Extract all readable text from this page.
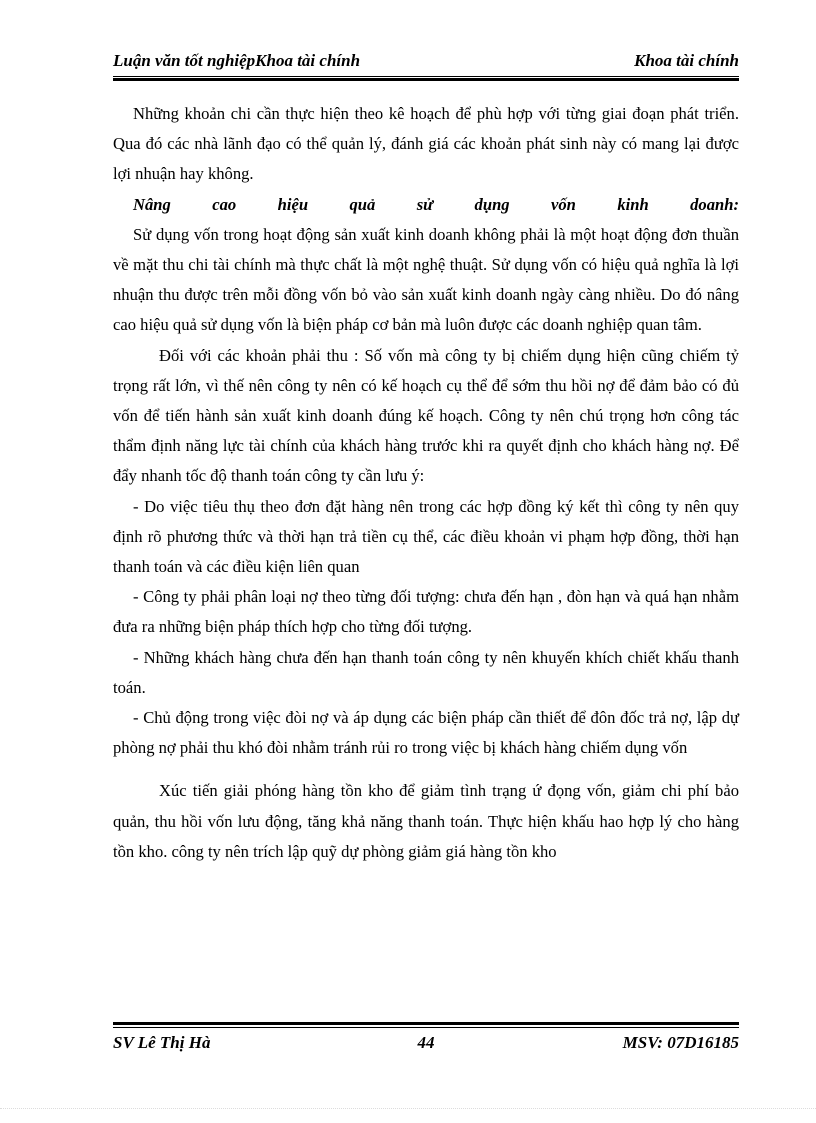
Luận văn tốt nghiệpKhoa tài chính	Khoa tài chính

Những khoản chi cần thực hiện theo kê hoạch để phù hợp với từng giai đoạn phát triển. Qua đó các nhà lãnh đạo có thể quản lý, đánh giá các khoản phát sinh này có mang lại được lợi nhuận hay không.

Nâng cao hiệu quả sử dụng vốn kinh doanh:

Sử dụng vốn trong hoạt động sản xuất kinh doanh không phải là một hoạt động đơn thuần về mặt thu chi tài chính mà thực chất là một nghệ thuật. Sử dụng vốn có hiệu quả nghĩa là lợi nhuận thu được trên mỗi đồng vốn bỏ vào sản xuất kinh doanh ngày càng nhiều. Do đó nâng cao hiệu quả sử dụng vốn là biện pháp cơ bản mà luôn được các doanh nghiệp quan tâm.

Đối với các khoản phải thu : Số vốn mà công ty bị chiếm dụng hiện cũng chiếm tỷ trọng rất lớn, vì thế nên công ty nên có kế hoạch cụ thể để sớm thu hồi nợ để đảm bảo có đủ vốn để tiến hành sản xuất kinh doanh đúng kế hoạch. Công ty nên chú trọng hơn công tác thẩm định năng lực tài chính của khách hàng trước khi ra quyết định cho khách hàng nợ. Để đẩy nhanh tốc độ thanh toán công ty cần lưu ý:

- Do việc tiêu thụ theo đơn đặt hàng nên trong các hợp đồng ký kết thì công ty nên quy định rõ phương thức và thời hạn trả tiền cụ thể, các điều khoản vi phạm hợp đồng, thời hạn thanh toán và các điều kiện liên quan

- Công ty phải phân loại nợ theo từng đối tượng: chưa đến hạn , đòn hạn và quá hạn nhằm đưa ra những biện pháp thích hợp cho từng đối tượng.

- Những khách hàng chưa đến hạn thanh toán công ty nên khuyến khích chiết khấu thanh toán.

- Chủ động trong việc đòi nợ và áp dụng các biện pháp cần thiết để đôn đốc trả nợ, lập dự phòng nợ phải thu khó đòi nhằm tránh rủi ro trong việc bị khách hàng chiếm dụng vốn

Xúc tiến giải phóng hàng tồn kho để giảm tình trạng ứ đọng vốn, giảm chi phí bảo quản, thu hồi vốn lưu động, tăng khả năng thanh toán. Thực hiện khấu hao hợp lý cho hàng tồn kho. công ty nên trích lập quỹ dự phòng giảm giá hàng tồn kho

SV Lê Thị Hà	44	MSV: 07D16185
